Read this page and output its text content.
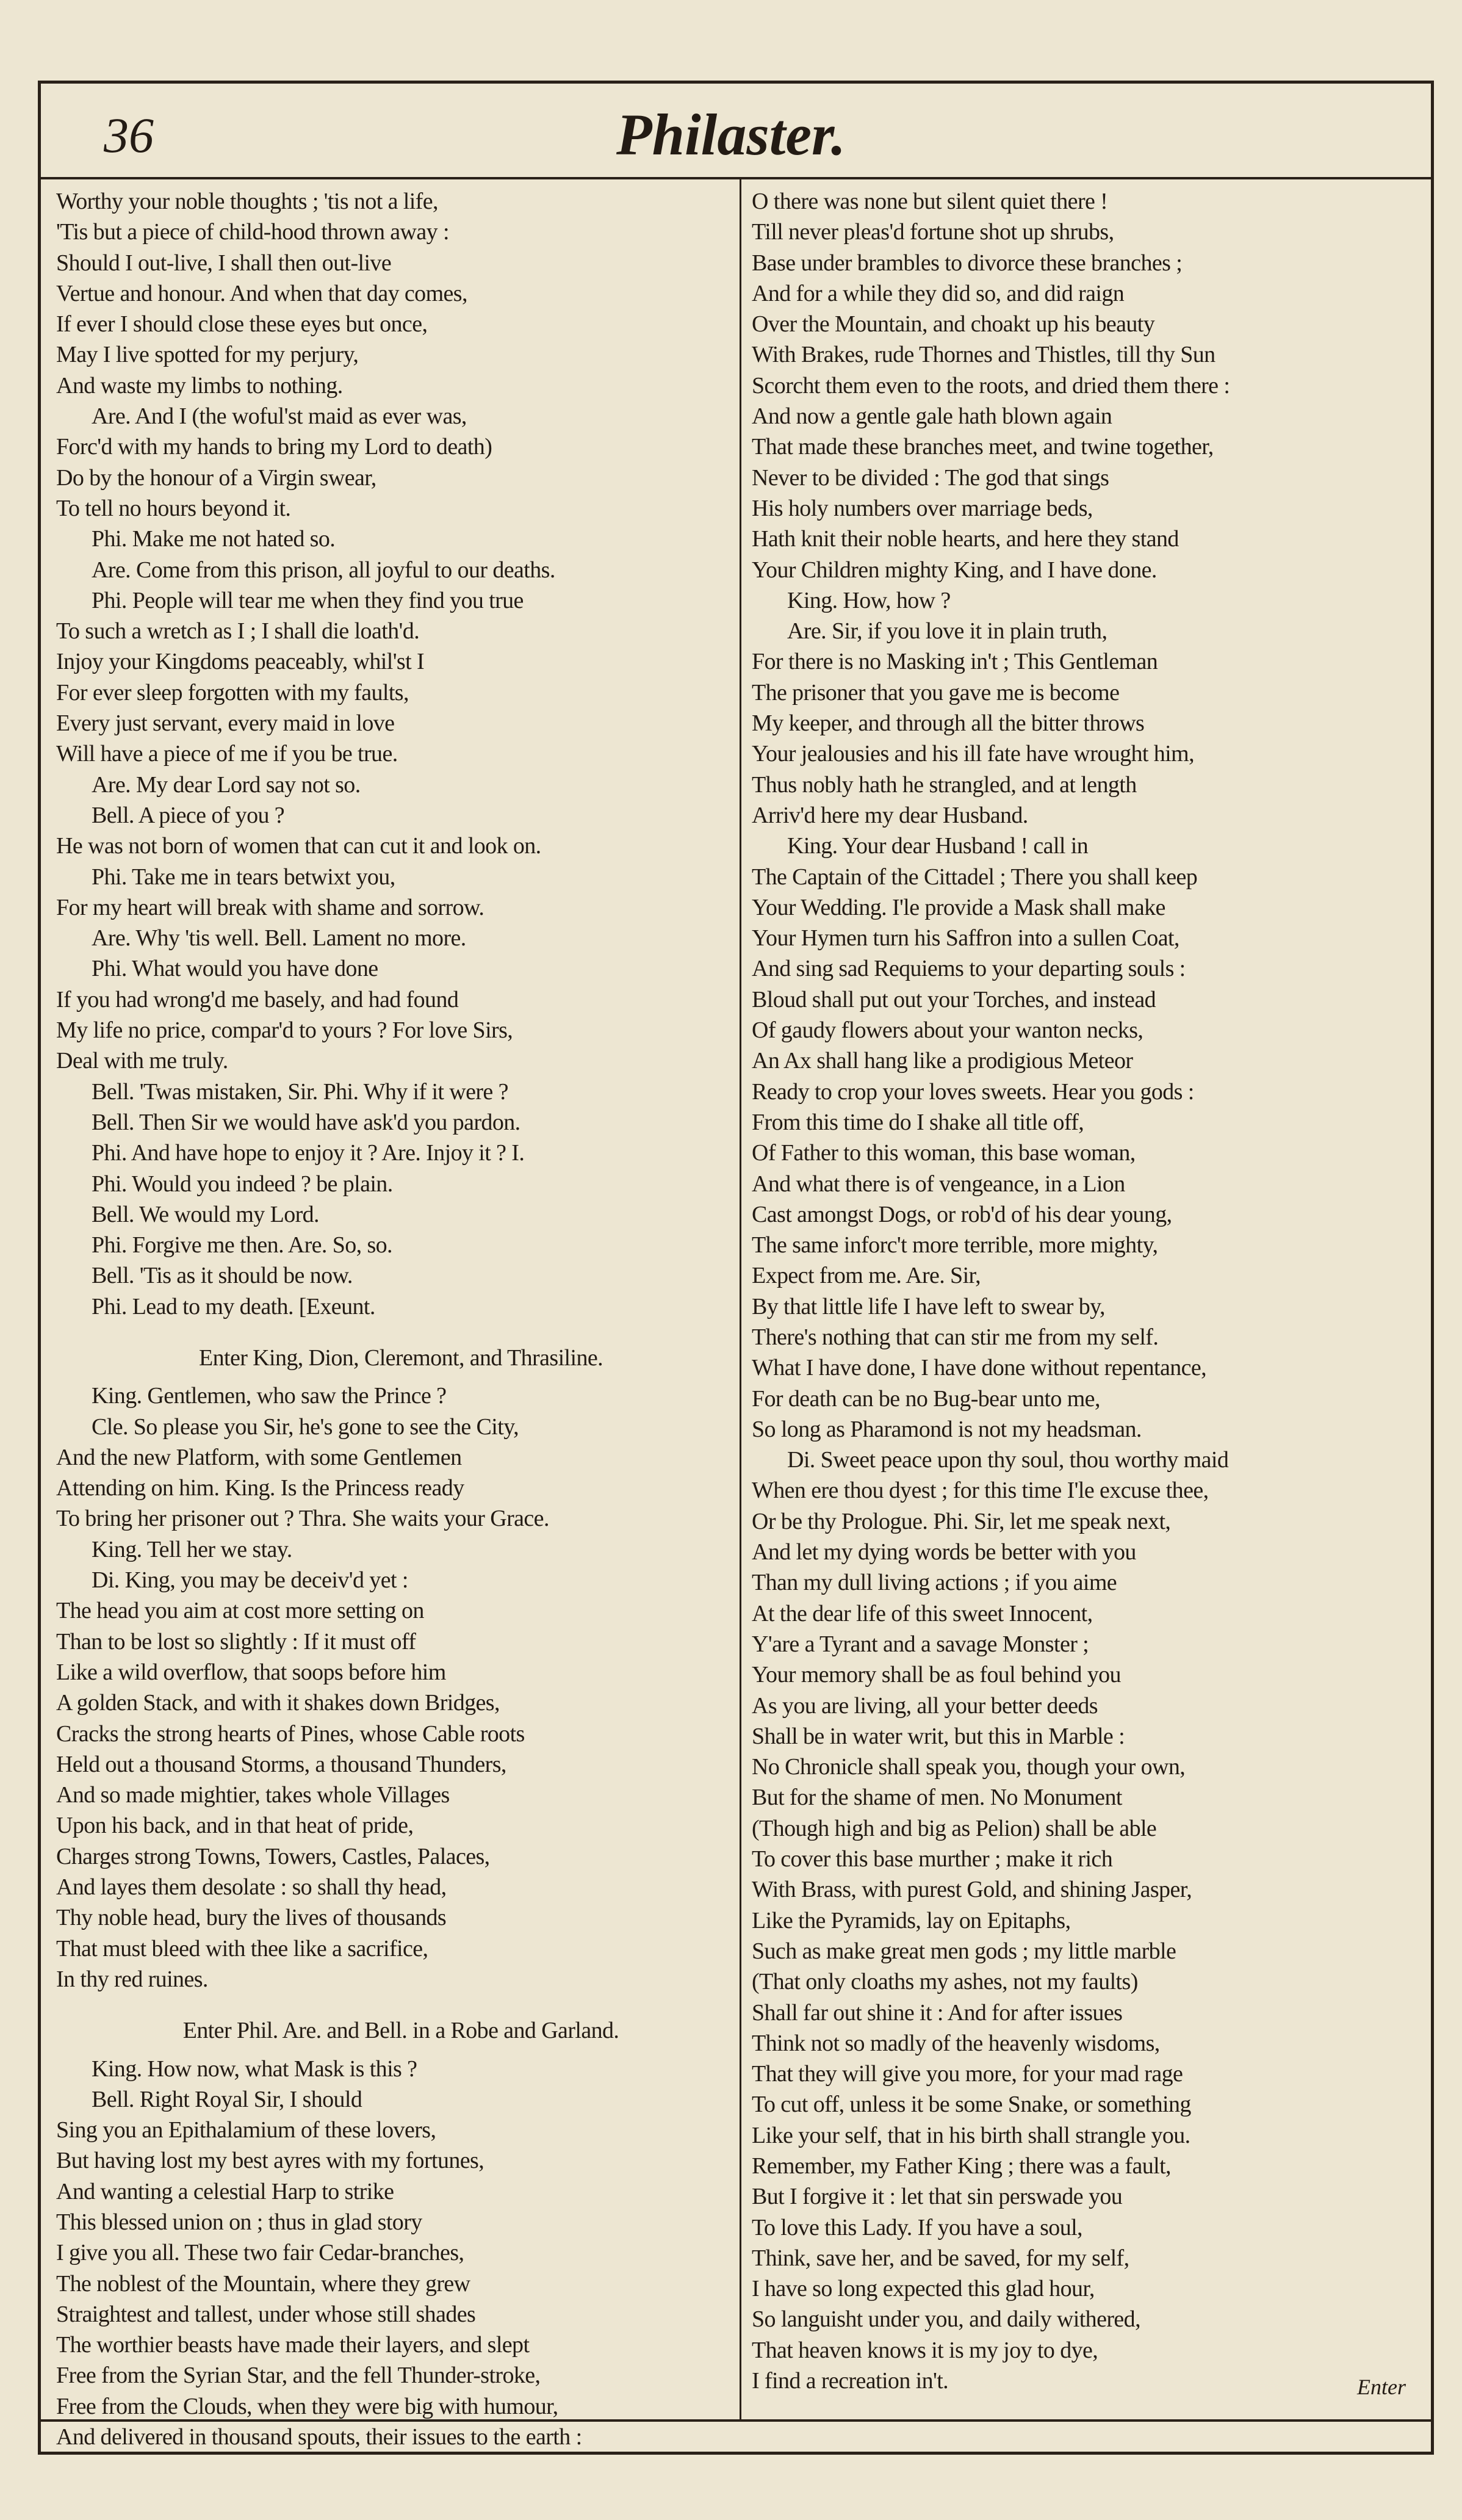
36	Philaster.
Worthy your noble thoughts ; 'tis not a life,
'Tis but a piece of child-hood thrown away :
Should I out-live, I shall then out-live
Vertue and honour. And when that day comes,
If ever I should close these eyes but once,
May I live spotted for my perjury,
And waste my limbs to nothing.
Are. And I (the woful'st maid as ever was,
Forc'd with my hands to bring my Lord to death)
Do by the honour of a Virgin swear,
To tell no hours beyond it.
Phi. Make me not hated so.
Are. Come from this prison, all joyful to our deaths.
Phi. People will tear me when they find you true
To such a wretch as I ; I shall die loath'd.
Injoy your Kingdoms peaceably, whil'st I
For ever sleep forgotten with my faults,
Every just servant, every maid in love
Will have a piece of me if you be true.
Are. My dear Lord say not so.
Bell. A piece of you ?
He was not born of women that can cut it and look on.
Phi. Take me in tears betwixt you,
For my heart will break with shame and sorrow.
Are. Why 'tis well. Bell. Lament no more.
Phi. What would you have done
If you had wrong'd me basely, and had found
My life no price, compar'd to yours ? For love Sirs,
Deal with me truly.
Bell. 'Twas mistaken, Sir. Phi. Why if it were ?
Bell. Then Sir we would have ask'd you pardon.
Phi. And have hope to enjoy it ? Are. Injoy it ? I.
Phi. Would you indeed ? be plain.
Bell. We would my Lord.
Phi. Forgive me then. Are. So, so.
Bell. 'Tis as it should be now.
Phi. Lead to my death. [Exeunt.
Enter King, Dion, Cleremont, and Thrasiline.
King. Gentlemen, who saw the Prince ?
Cle. So please you Sir, he's gone to see the City,
And the new Platform, with some Gentlemen
Attending on him. King. Is the Princess ready
To bring her prisoner out ? Thra. She waits your Grace.
King. Tell her we stay.
Di. King, you may be deceiv'd yet :
The head you aim at cost more setting on
Than to be lost so slightly : If it must off
Like a wild overflow, that soops before him
A golden Stack, and with it shakes down Bridges,
Cracks the strong hearts of Pines, whose Cable roots
Held out a thousand Storms, a thousand Thunders,
And so made mightier, takes whole Villages
Upon his back, and in that heat of pride,
Charges strong Towns, Towers, Castles, Palaces,
And layes them desolate : so shall thy head,
Thy noble head, bury the lives of thousands
That must bleed with thee like a sacrifice,
In thy red ruines.
Enter Phil. Are. and Bell. in a Robe and Garland.
King. How now, what Mask is this ?
Bell. Right Royal Sir, I should
Sing you an Epithalamium of these lovers,
But having lost my best ayres with my fortunes,
And wanting a celestial Harp to strike
This blessed union on ; thus in glad story
I give you all. These two fair Cedar-branches,
The noblest of the Mountain, where they grew
Straightest and tallest, under whose still shades
The worthier beasts have made their layers, and slept
Free from the Syrian Star, and the fell Thunder-stroke,
Free from the Clouds, when they were big with humour,
And delivered in thousand spouts, their issues to the earth :
O there was none but silent quiet there !
Till never pleas'd fortune shot up shrubs,
Base under brambles to divorce these branches ;
And for a while they did so, and did raign
Over the Mountain, and choakt up his beauty
With Brakes, rude Thornes and Thistles, till thy Sun
Scorcht them even to the roots, and dried them there :
And now a gentle gale hath blown again
That made these branches meet, and twine together,
Never to be divided : The god that sings
His holy numbers over marriage beds,
Hath knit their noble hearts, and here they stand
Your Children mighty King, and I have done.
King. How, how ?
Are. Sir, if you love it in plain truth,
For there is no Masking in't ; This Gentleman
The prisoner that you gave me is become
My keeper, and through all the bitter throws
Your jealousies and his ill fate have wrought him,
Thus nobly hath he strangled, and at length
Arriv'd here my dear Husband.
King. Your dear Husband ! call in
The Captain of the Cittadel ; There you shall keep
Your Wedding. I'le provide a Mask shall make
Your Hymen turn his Saffron into a sullen Coat,
And sing sad Requiems to your departing souls :
Bloud shall put out your Torches, and instead
Of gaudy flowers about your wanton necks,
An Ax shall hang like a prodigious Meteor
Ready to crop your loves sweets. Hear you gods :
From this time do I shake all title off,
Of Father to this woman, this base woman,
And what there is of vengeance, in a Lion
Cast amongst Dogs, or rob'd of his dear young,
The same inforc't more terrible, more mighty,
Expect from me. Are. Sir,
By that little life I have left to swear by,
There's nothing that can stir me from my self.
What I have done, I have done without repentance,
For death can be no Bug-bear unto me,
So long as Pharamond is not my headsman.
Di. Sweet peace upon thy soul, thou worthy maid
When ere thou dyest ; for this time I'le excuse thee,
Or be thy Prologue. Phi. Sir, let me speak next,
And let my dying words be better with you
Than my dull living actions ; if you aime
At the dear life of this sweet Innocent,
Y'are a Tyrant and a savage Monster ;
Your memory shall be as foul behind you
As you are living, all your better deeds
Shall be in water writ, but this in Marble :
No Chronicle shall speak you, though your own,
But for the shame of men. No Monument
(Though high and big as Pelion) shall be able
To cover this base murther ; make it rich
With Brass, with purest Gold, and shining Jasper,
Like the Pyramids, lay on Epitaphs,
Such as make great men gods ; my little marble
(That only cloaths my ashes, not my faults)
Shall far out shine it : And for after issues
Think not so madly of the heavenly wisdoms,
That they will give you more, for your mad rage
To cut off, unless it be some Snake, or something
Like your self, that in his birth shall strangle you.
Remember, my Father King ; there was a fault,
But I forgive it : let that sin perswade you
To love this Lady. If you have a soul,
Think, save her, and be saved, for my self,
I have so long expected this glad hour,
So languisht under you, and daily withered,
That heaven knows it is my joy to dye,
I find a recreation in't.	Enter
